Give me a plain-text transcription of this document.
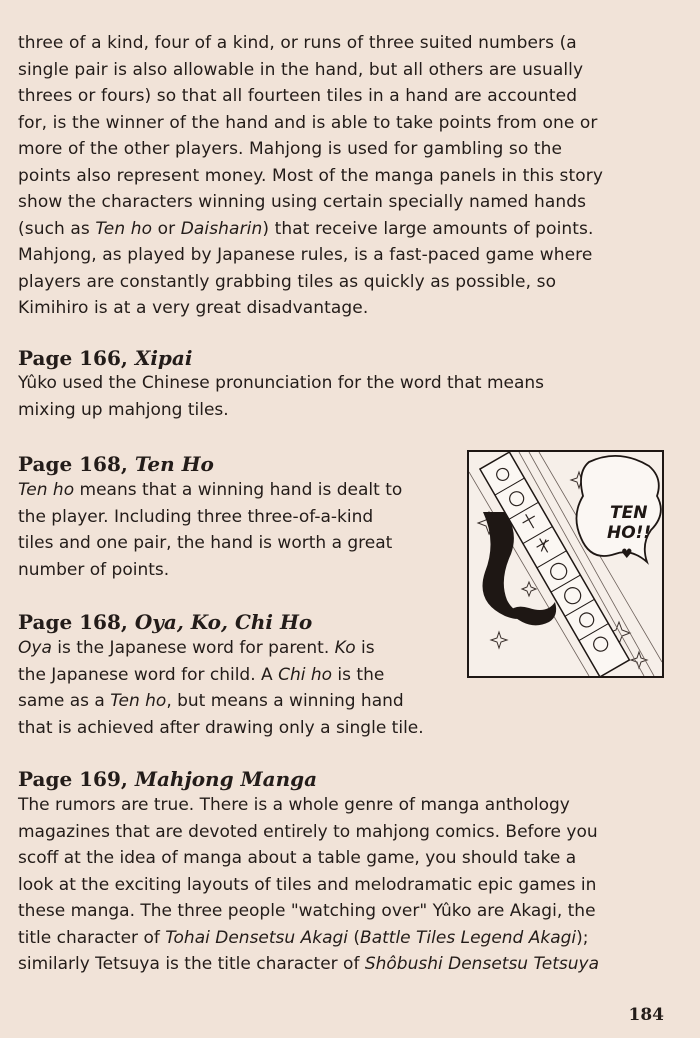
three of a kind, four of a kind, or runs of three suited numbers (a
single pair is also allowable in the hand, but all others are usually
threes or fours) so that all fourteen tiles in a hand are accounted
for, is the winner of the hand and is able to take points from one or
more of the other players. Mahjong is used for gambling so the
points also represent money. Most of the manga panels in this story
show the characters winning using certain specially named hands
(such as Ten ho or Daisharin) that receive large amounts of points.
Mahjong, as played by Japanese rules, is a fast-paced game where
players are constantly grabbing tiles as quickly as possible, so
Kimihiro is at a very great disadvantage.
Page 166, Xipai
Yûko used the Chinese pronunciation for the word that means
mixing up mahjong tiles.
Page 168, Ten Ho
Ten ho means that a winning hand is dealt to
the player. Including three three-of-a-kind
tiles and one pair, the hand is worth a great
number of points.
Page 168, Oya, Ko, Chi Ho
Oya is the Japanese word for parent. Ko is
the Japanese word for child. A Chi ho is the
same as a Ten ho, but means a winning hand
that is achieved after drawing only a single tile.
TEN
HO!!
♥
Page 169, Mahjong Manga
The rumors are true. There is a whole genre of manga anthology
magazines that are devoted entirely to mahjong comics. Before you
scoff at the idea of manga about a table game, you should take a
look at the exciting layouts of tiles and melodramatic epic games in
these manga. The three people "watching over" Yûko are Akagi, the
title character of Tohai Densetsu Akagi (Battle Tiles Legend Akagi);
similarly Tetsuya is the title character of Shôbushi Densetsu Tetsuya
184
